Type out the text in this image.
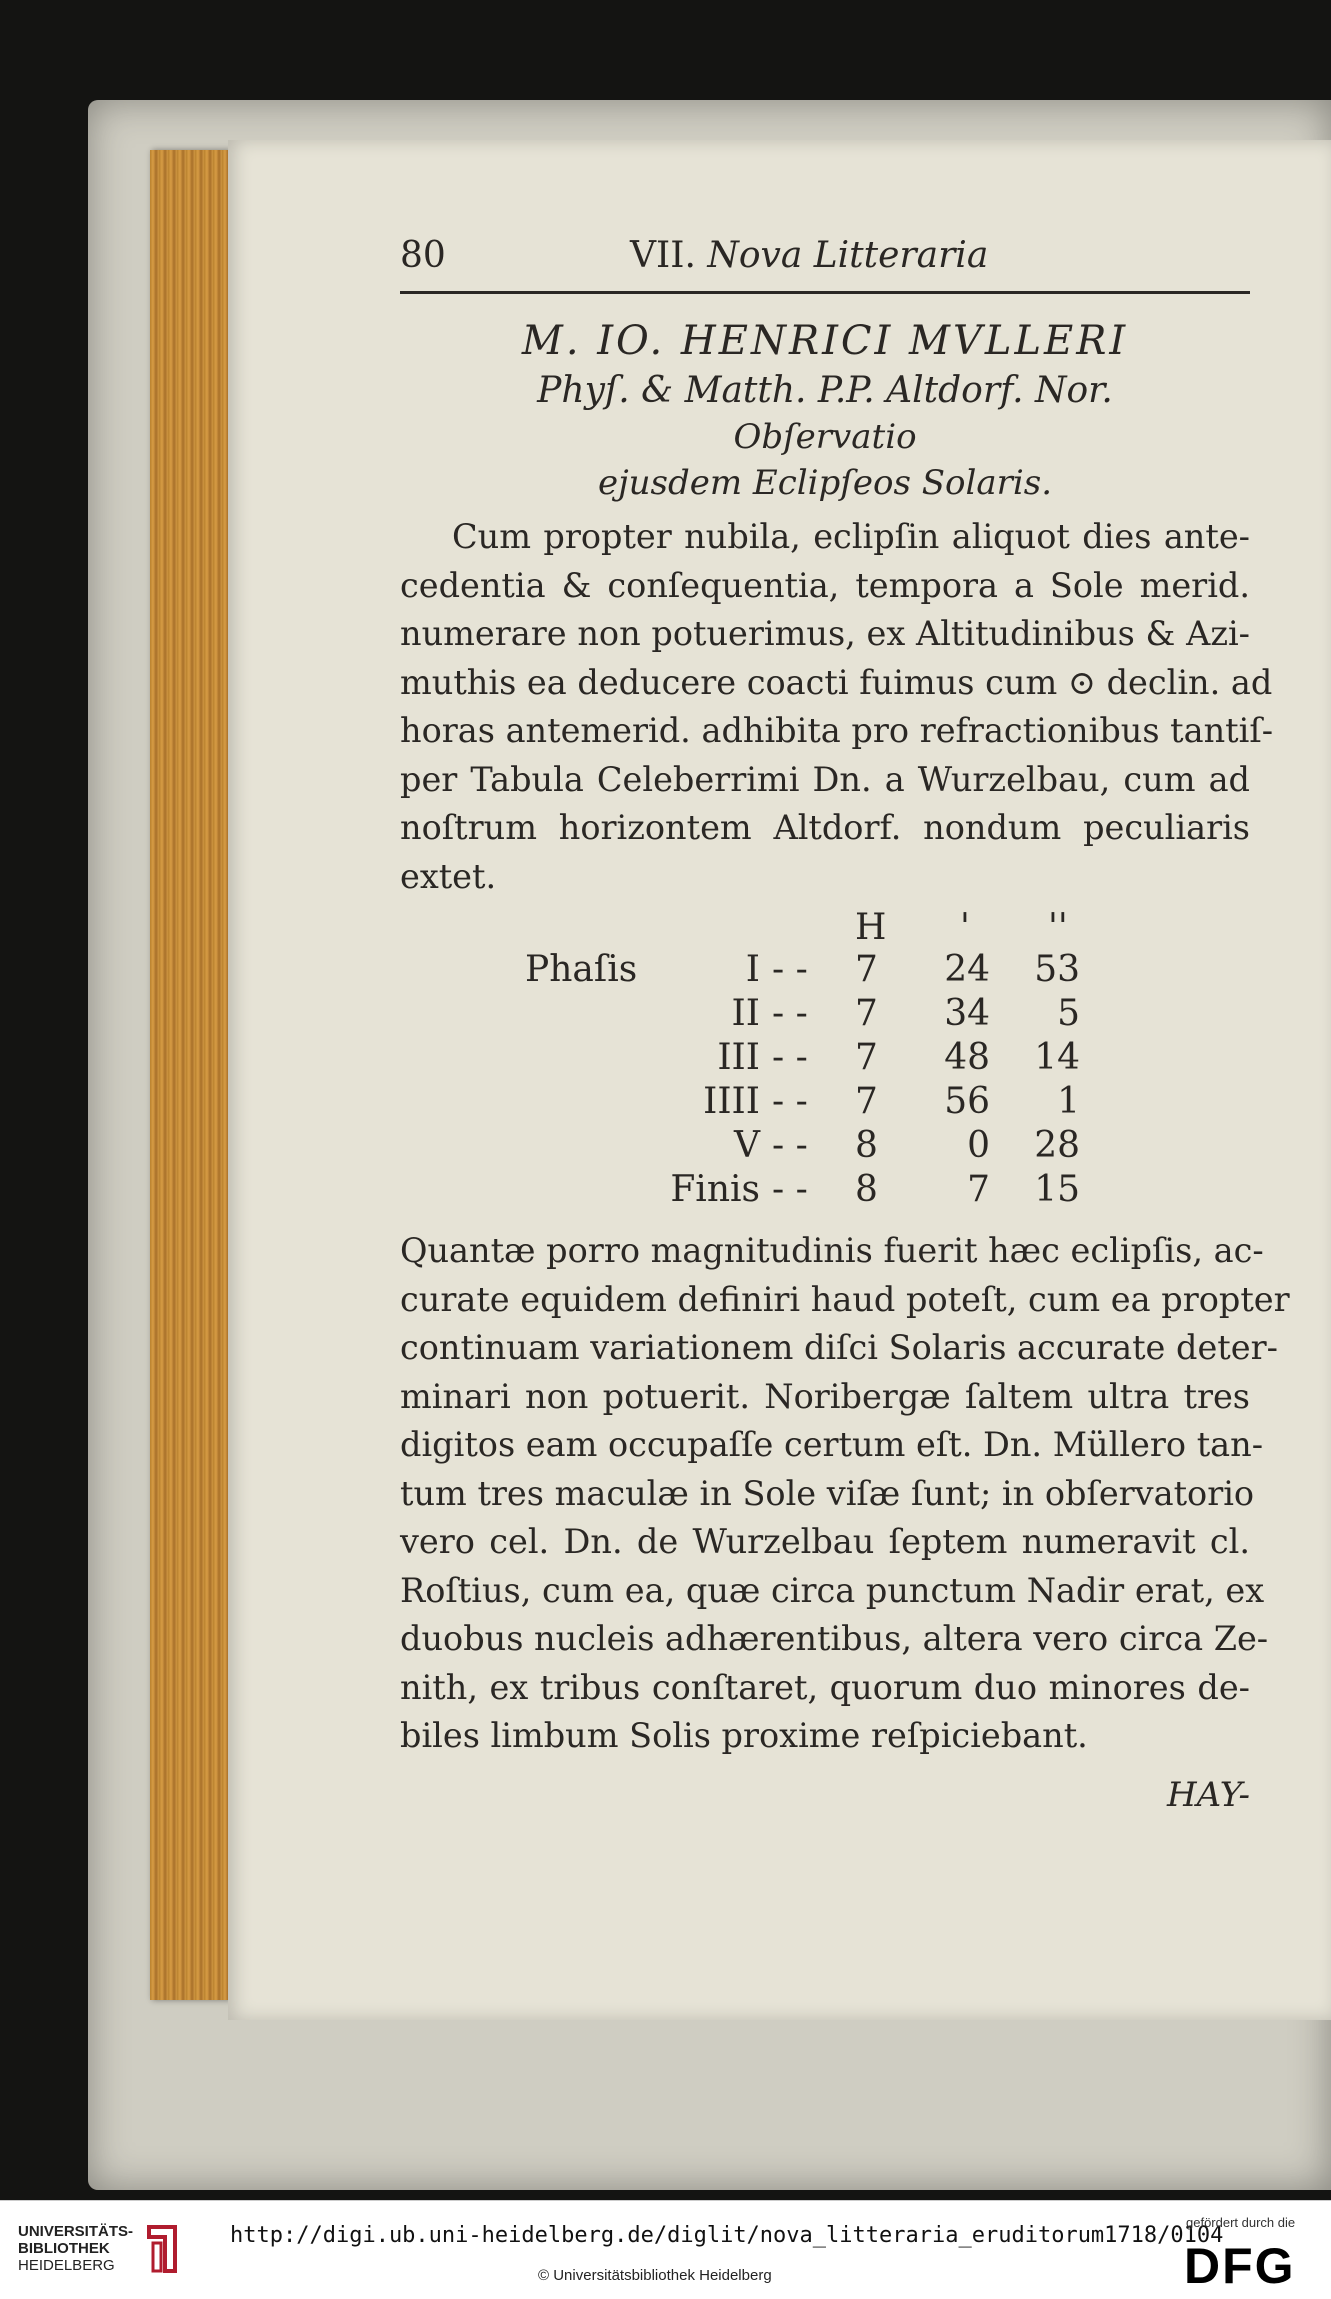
80	VII. Nova Litteraria
M. IO. HENRICI MVLLERI
Phyſ. & Matth. P.P. Altdorf. Nor.
Obſervatio
ejusdem Eclipſeos Solaris.
Cum propter nubila, eclipſin aliquot dies ante-
cedentia & conſequentia, tempora a Sole merid.
numerare non potuerimus, ex Altitudinibus & Azi-
muthis ea deducere coacti fuimus cum ⊙ declin. ad
horas antemerid. adhibita pro refractionibus tantiſ-
per Tabula Celeberrimi Dn. a Wurzelbau, cum ad
noſtrum horizontem Altdorf. nondum peculiaris
extet.
H ' ''
Phaſis	I - - 7	24	53
II - - 7	34	5
III - - 7	48	14
IIII - - 7	56	1
V - - 8	0	28
Finis - - 8	7	15
Quantæ porro magnitudinis fuerit hæc eclipſis, ac-
curate equidem definiri haud poteſt, cum ea propter
continuam variationem diſci Solaris accurate deter-
minari non potuerit. Noribergæ ſaltem ultra tres
digitos eam occupaſſe certum eſt. Dn. Müllero tan-
tum tres maculæ in Sole viſæ ſunt; in obſervatorio
vero cel. Dn. de Wurzelbau ſeptem numeravit cl.
Roſtius, cum ea, quæ circa punctum Nadir erat, ex
duobus nucleis adhærentibus, altera vero circa Ze-
nith, ex tribus conſtaret, quorum duo minores de-
biles limbum Solis proxime reſpiciebant.
HAY-
UNIVERSITÄTS-
BIBLIOTHEK
HEIDELBERG
http://digi.ub.uni-heidelberg.de/diglit/nova_litteraria_eruditorum1718/0104
© Universitätsbibliothek Heidelberg
gefördert durch die
DFG
